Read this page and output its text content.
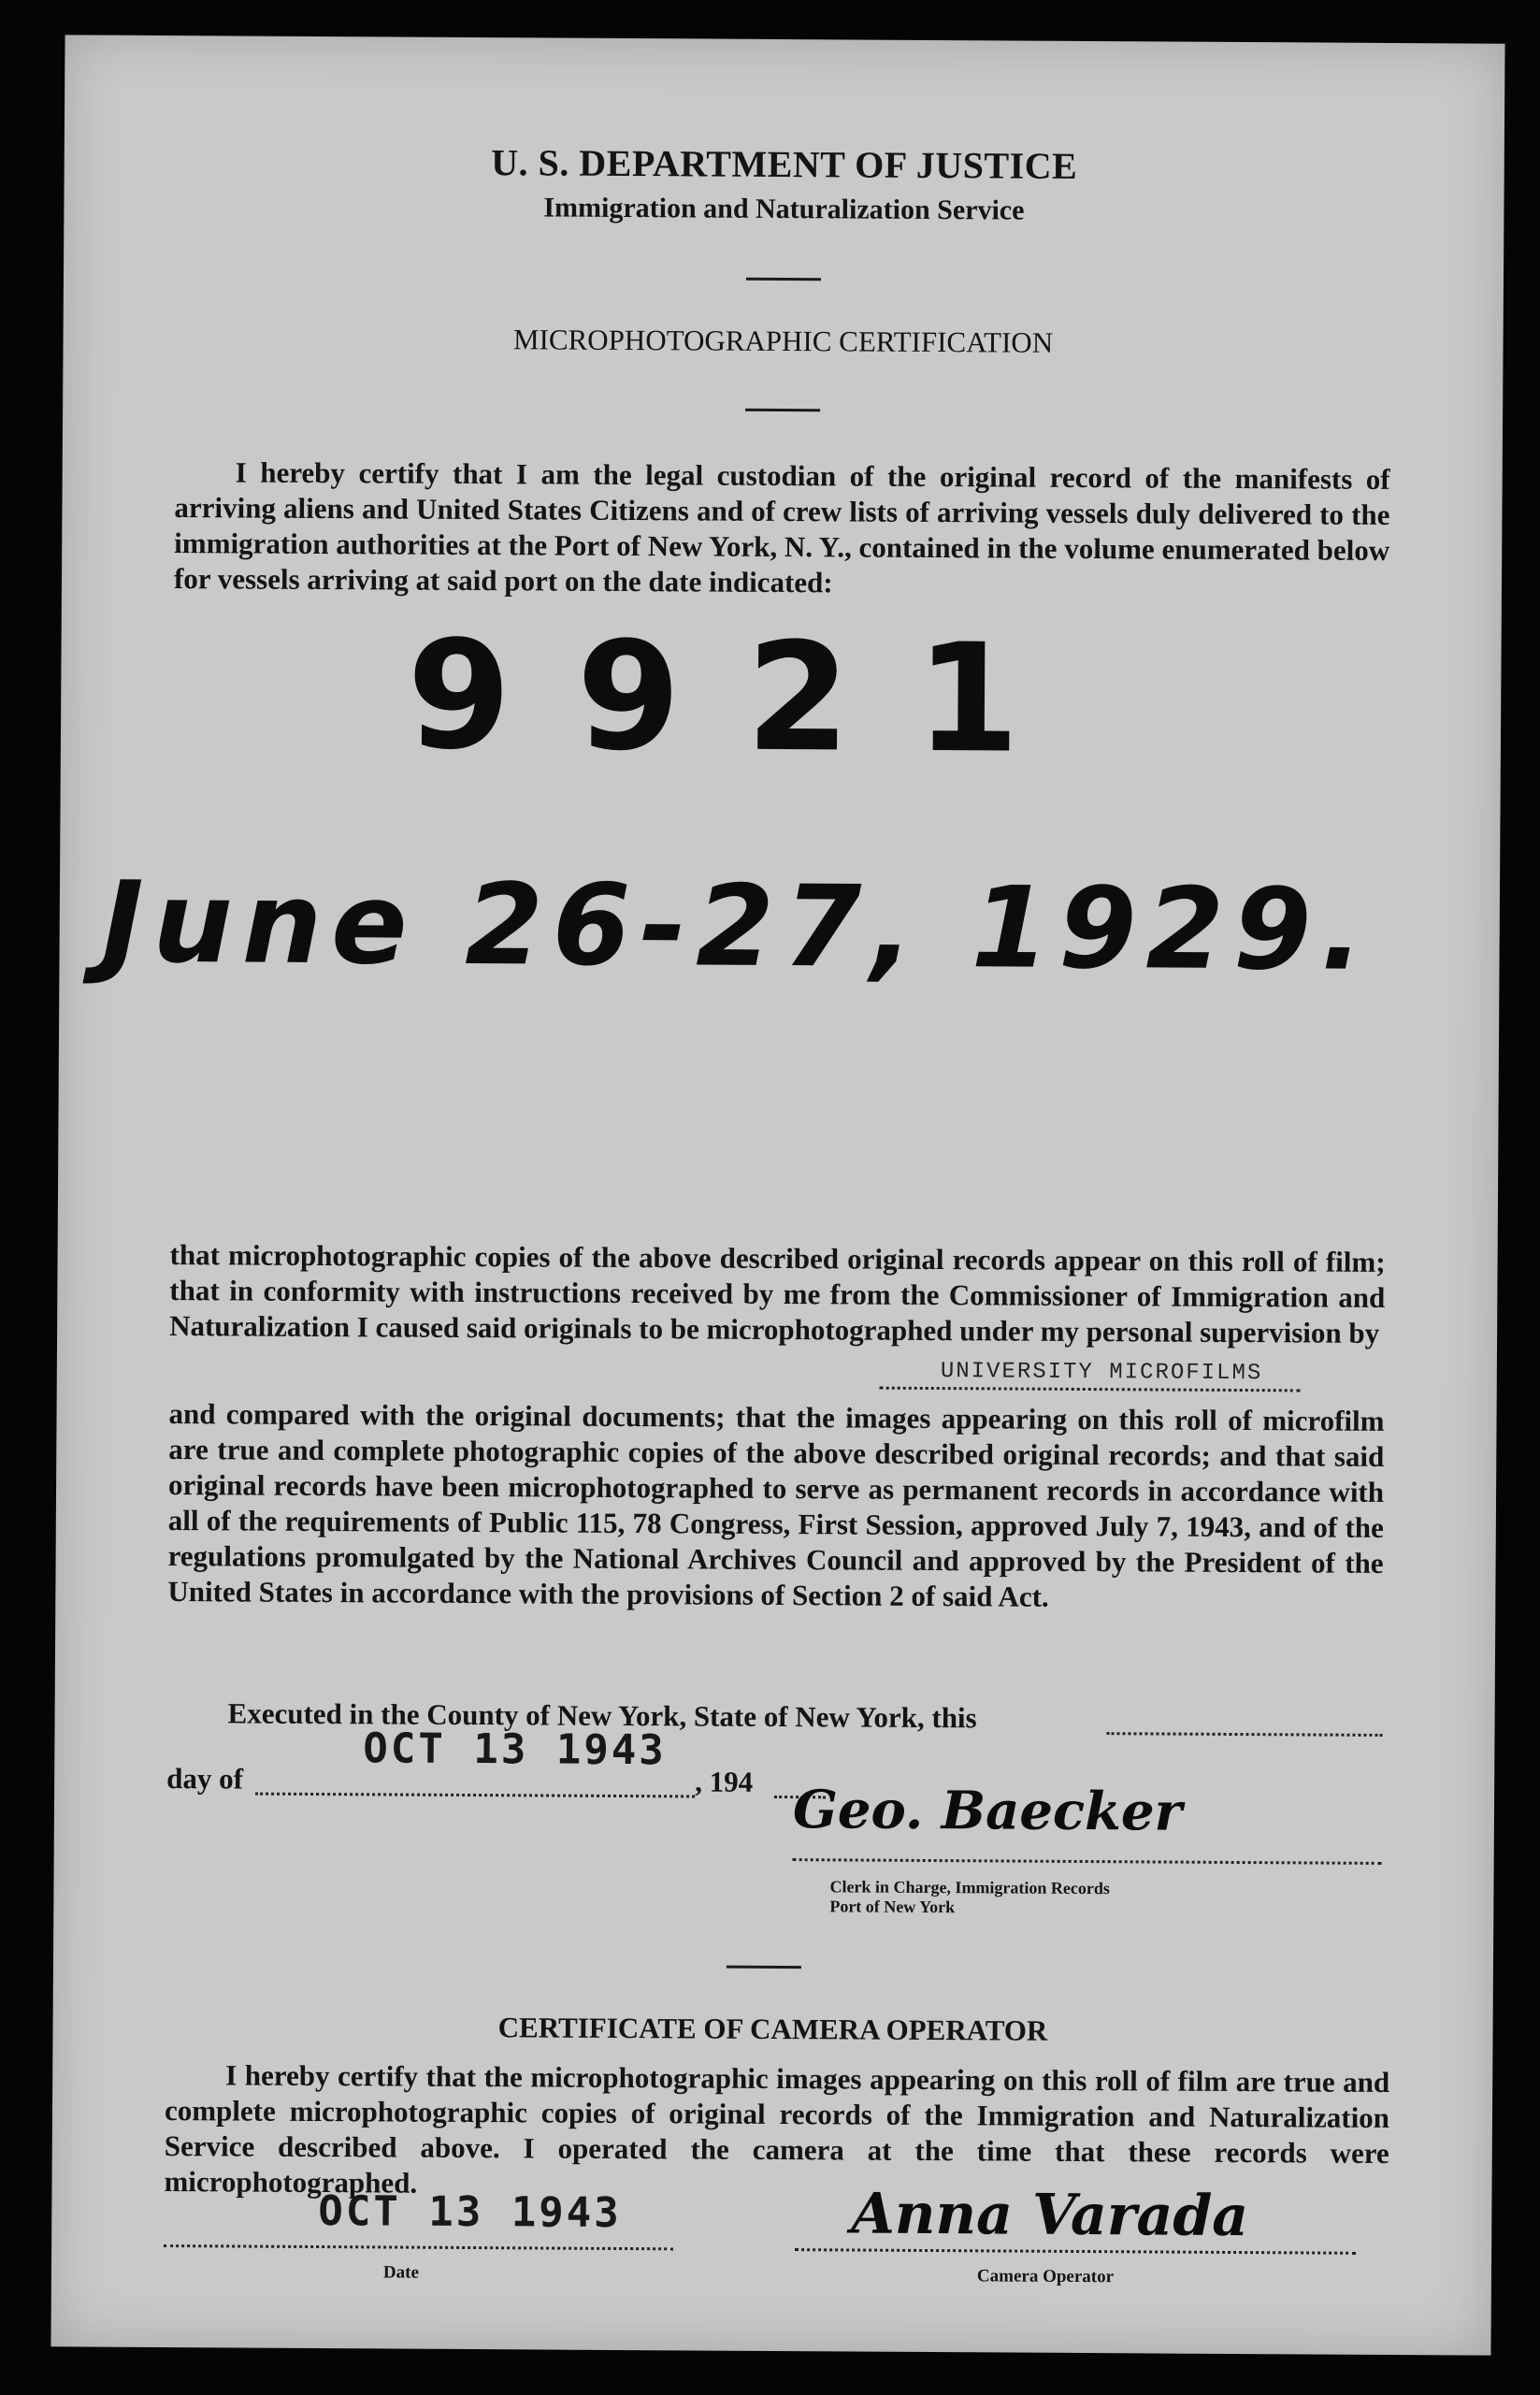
U. S. DEPARTMENT OF JUSTICE
Immigration and Naturalization Service
MICROPHOTOGRAPHIC CERTIFICATION
I hereby certify that I am the legal custodian of the original record of the manifests of arriving aliens and United States Citizens and of crew lists of arriving vessels duly delivered to the immigration authorities at the Port of New York, N. Y., contained in the volume enumerated below for vessels arriving at said port on the date indicated:
9921
June 26-27, 1929.
that microphotographic copies of the above described original records appear on this roll of film; that in conformity with instructions received by me from the Commissioner of Immigration and Naturalization I caused said originals to be microphotographed under my personal supervision by
UNIVERSITY MICROFILMS
and compared with the original documents; that the images appearing on this roll of microfilm are true and complete photographic copies of the above described original records; and that said original records have been microphotographed to serve as permanent records in accordance with all of the requirements of Public 115, 78 Congress, First Session, approved July 7, 1943, and of the regulations promulgated by the National Archives Council and approved by the President of the United States in accordance with the provisions of Section 2 of said Act.
Executed in the County of New York, State of New York, this
day of	, 194
OCT 13 1943
Geo. Baecker
Clerk in Charge, Immigration Records
Port of New York
CERTIFICATE OF CAMERA OPERATOR
I hereby certify that the microphotographic images appearing on this roll of film are true and complete microphotographic copies of original records of the Immigration and Naturalization Service described above. I operated the camera at the time that these records were microphotographed.
OCT 13 1943
Date
Anna Varada
Camera Operator
